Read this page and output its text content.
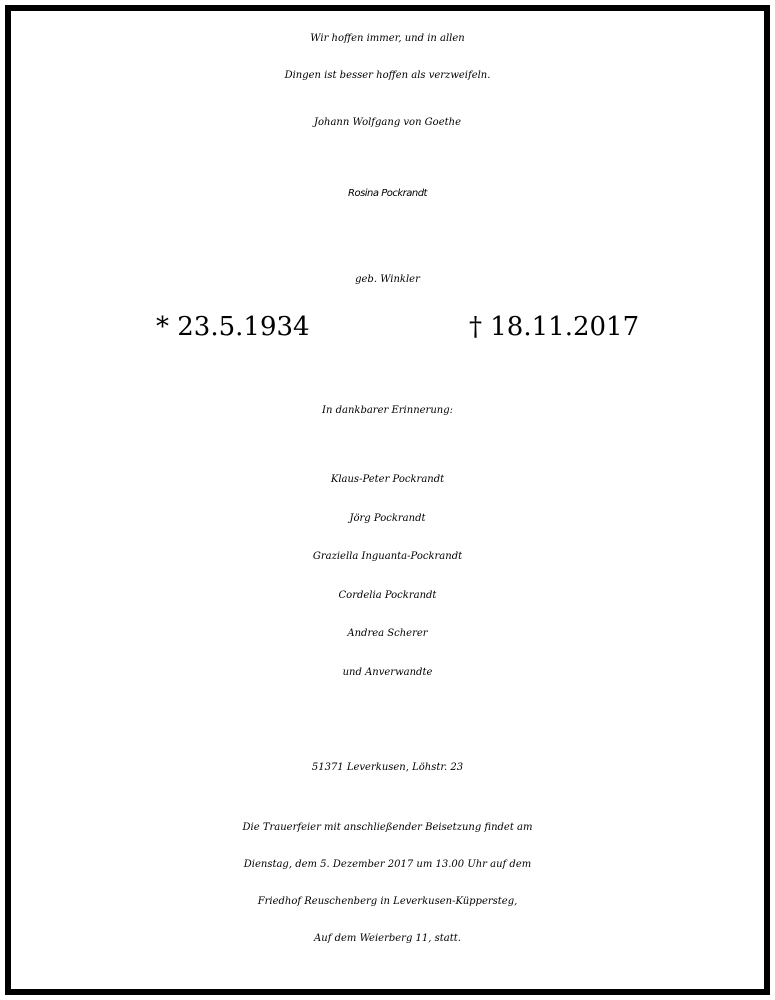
Wir hoffen immer, und in allen
Dingen ist besser hoffen als verzweifeln.
Johann Wolfgang von Goethe
Rosina Pockrandt
geb. Winkler
* 23.5.1934	† 18.11.2017
In dankbarer Erinnerung:
Klaus-Peter Pockrandt
Jörg Pockrandt
Graziella Inguanta-Pockrandt
Cordelia Pockrandt
Andrea Scherer
und Anverwandte
51371 Leverkusen, Löhstr. 23
Die Trauerfeier mit anschließender Beisetzung findet am
Dienstag, dem 5. Dezember 2017 um 13.00 Uhr auf dem
Friedhof Reuschenberg in Leverkusen-Küppersteg,
Auf dem Weierberg 11, statt.
